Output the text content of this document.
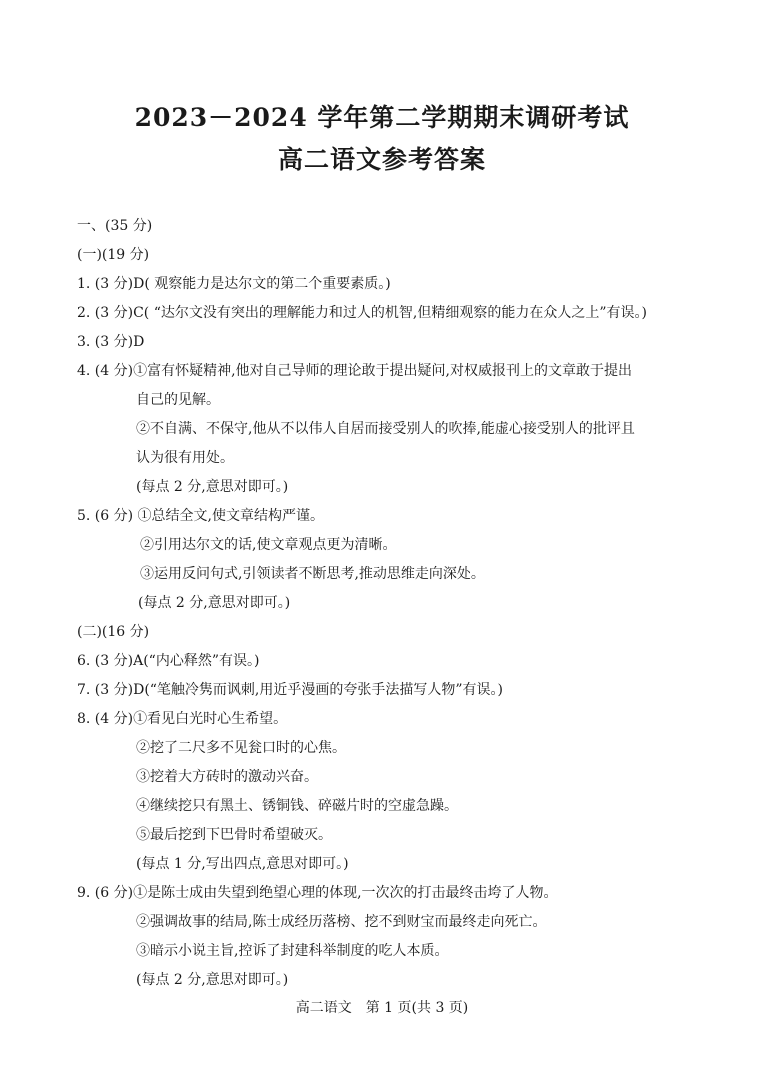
2023－2024 学年第二学期期末调研考试
高二语文参考答案
一、(35 分)
(一)(19 分)
1. (3 分)D( 观察能力是达尔文的第二个重要素质。)
2. (3 分)C( “达尔文没有突出的理解能力和过人的机智,但精细观察的能力在众人之上”有误。)
3. (3 分)D
4. (4 分)①富有怀疑精神,他对自己导师的理论敢于提出疑问,对权威报刊上的文章敢于提出
自己的见解。
②不自满、不保守,他从不以伟人自居而接受别人的吹捧,能虚心接受别人的批评且
认为很有用处。
(每点 2 分,意思对即可。)
5. (6 分) ①总结全文,使文章结构严谨。
②引用达尔文的话,使文章观点更为清晰。
③运用反问句式,引领读者不断思考,推动思维走向深处。
(每点 2 分,意思对即可。)
(二)(16 分)
6. (3 分)A(“内心释然”有误。)
7. (3 分)D(“笔触冷隽而讽刺,用近乎漫画的夸张手法描写人物”有误。)
8. (4 分)①看见白光时心生希望。
②挖了二尺多不见瓮口时的心焦。
③挖着大方砖时的激动兴奋。
④继续挖只有黑土、锈铜钱、碎磁片时的空虚急躁。
⑤最后挖到下巴骨时希望破灭。
(每点 1 分,写出四点,意思对即可。)
9. (6 分)①是陈士成由失望到绝望心理的体现,一次次的打击最终击垮了人物。
②强调故事的结局,陈士成经历落榜、挖不到财宝而最终走向死亡。
③暗示小说主旨,控诉了封建科举制度的吃人本质。
(每点 2 分,意思对即可。)
高二语文　第 1 页(共 3 页)
